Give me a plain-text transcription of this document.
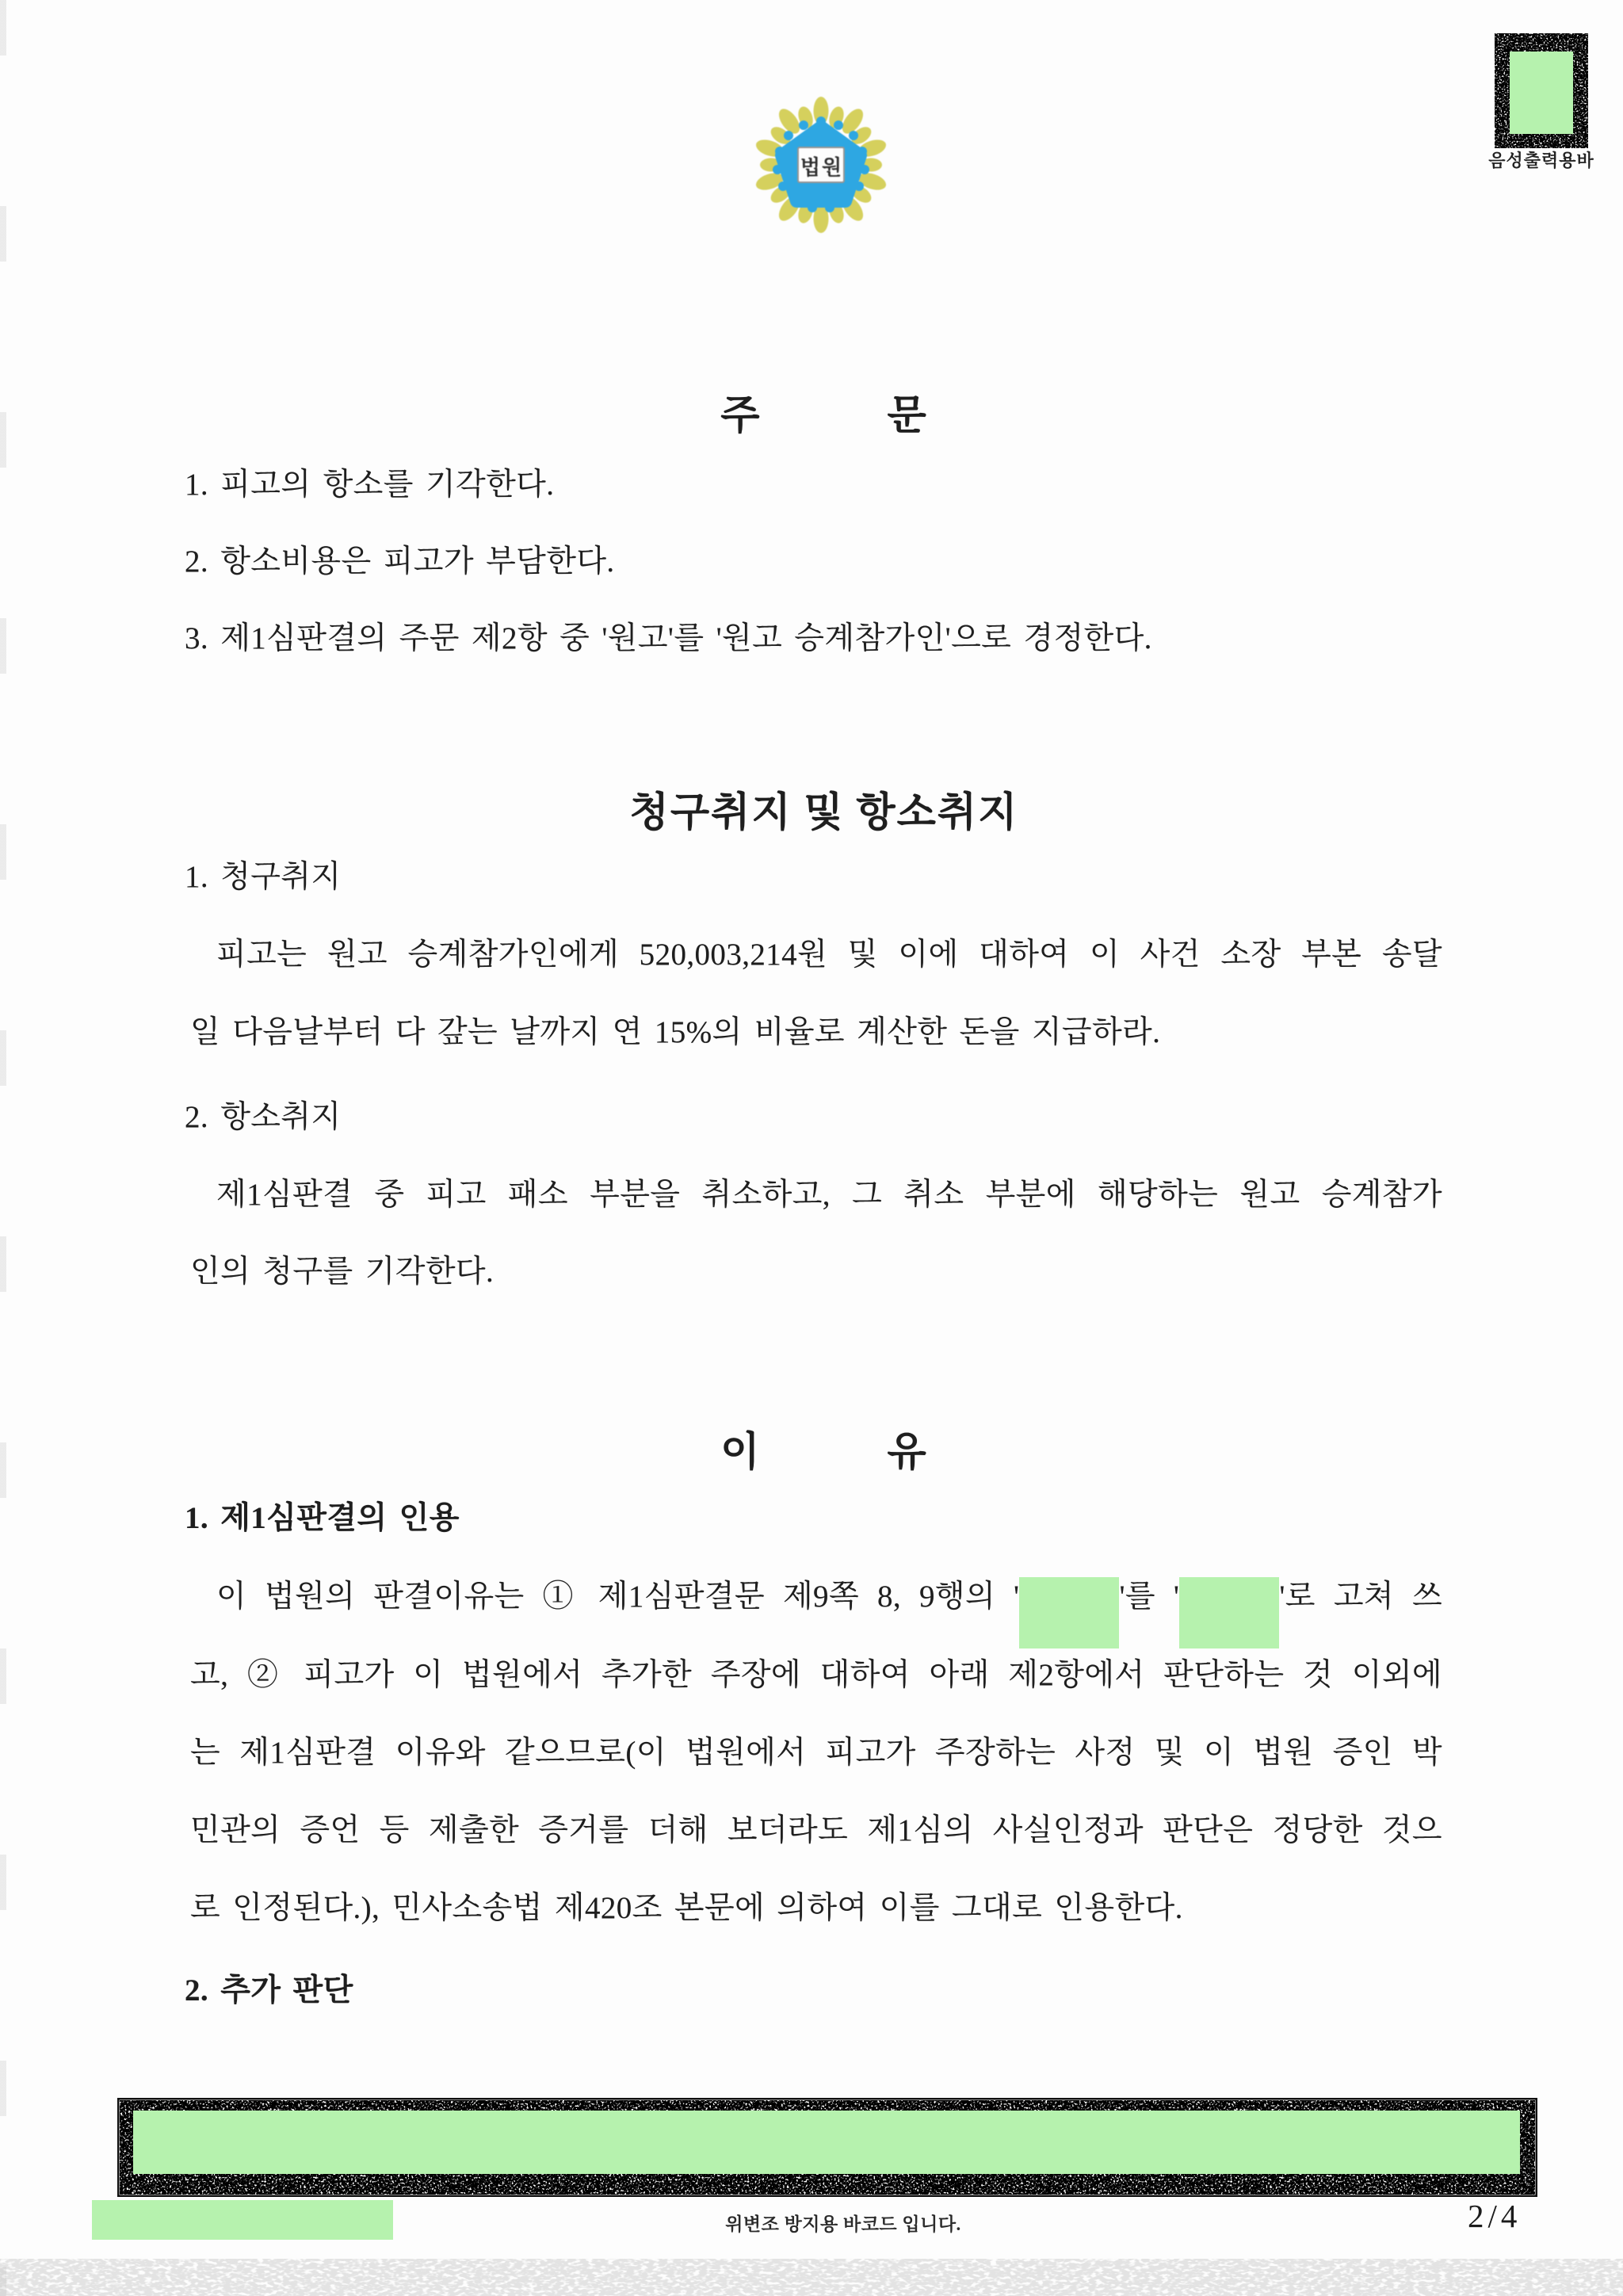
법원	음성출력용바
주　　　문
1. 피고의 항소를 기각한다.
2. 항소비용은 피고가 부담한다.
3. 제1심판결의 주문 제2항 중 '원고'를 '원고 승계참가인'으로 경정한다.
청구취지 및 항소취지
1. 청구취지
피고는 원고 승계참가인에게 520,003,214원 및 이에 대하여 이 사건 소장 부본 송달
일 다음날부터 다 갚는 날까지 연 15%의 비율로 계산한 돈을 지급하라.
2. 항소취지
제1심판결 중 피고 패소 부분을 취소하고, 그 취소 부분에 해당하는 원고 승계참가
인의 청구를 기각한다.
이　　　유
1. 제1심판결의 인용
이 법원의 판결이유는 ① 제1심판결문 제9쪽 8, 9행의 '	'를 '	'로 고쳐 쓰
고, ② 피고가 이 법원에서 추가한 주장에 대하여 아래 제2항에서 판단하는 것 이외에
는 제1심판결 이유와 같으므로(이 법원에서 피고가 주장하는 사정 및 이 법원 증인 박
민관의 증언 등 제출한 증거를 더해 보더라도 제1심의 사실인정과 판단은 정당한 것으
로 인정된다.), 민사소송법 제420조 본문에 의하여 이를 그대로 인용한다.
2. 추가 판단
위변조 방지용 바코드 입니다.	2/4
